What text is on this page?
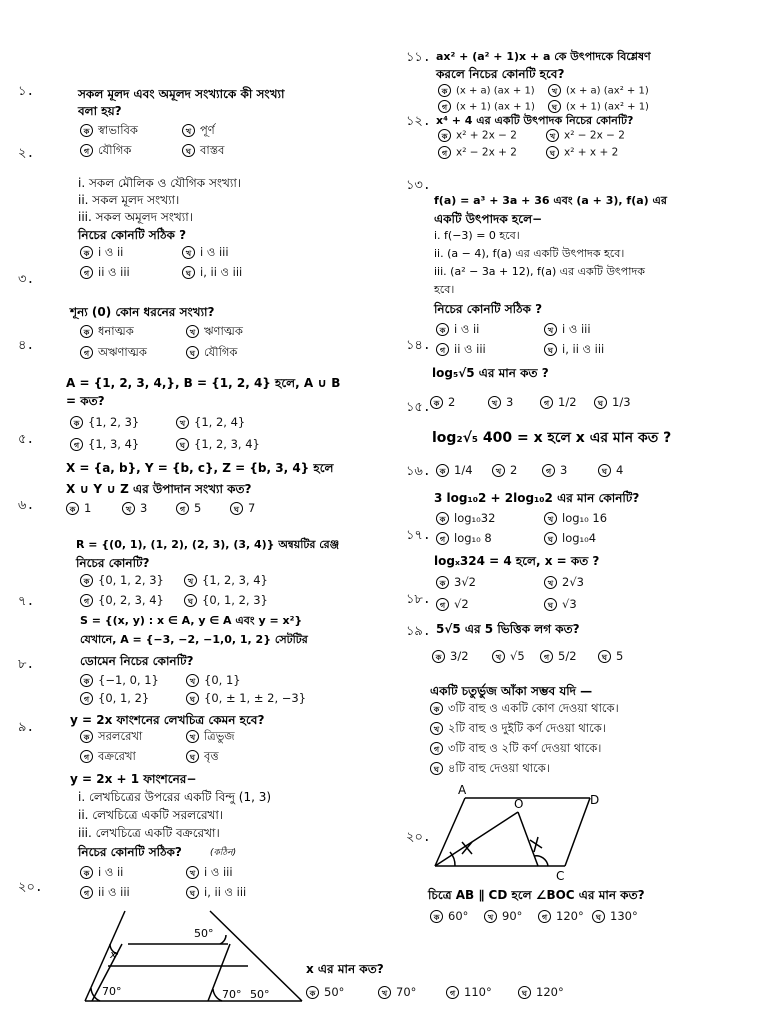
১.	সকল মূলদ এবং অমূলদ সংখ্যাকে কী সংখ্যা
বলা হয়?
ক স্বাভাবিক	খ পূর্ণ
২.	গ যৌগিক	ঘ বাস্তব
i. সকল মৌলিক ও যৌগিক সংখ্যা।
ii. সকল মূলদ সংখ্যা।
iii. সকল অমূলদ সংখ্যা।
নিচের কোনটি সঠিক ?
ক i ও ii	খ i ও iii
৩.	গ ii ও iii	ঘ i, ii ও iii
শূন্য (0) কোন ধরনের সংখ্যা?
ক ধনাত্মক	খ ঋণাত্মক
৪.
গ অঋণাত্মক	ঘ যৌগিক
A = {1, 2, 3, 4,}, B = {1, 2, 4} হলে, A ∪ B
= কত?
ক {1, 2, 3}	খ {1, 2, 4}
৫.	গ {1, 3, 4}	ঘ {1, 2, 3, 4}
X = {a, b}, Y = {b, c}, Z = {b, 3, 4} হলে
X ∪ Y ∪ Z এর উপাদান সংখ্যা কত?
৬.	ক 1	খ 3	গ 5	ঘ 7
R = {(0, 1), (1, 2), (2, 3), (3, 4)} অন্বয়টির রেঞ্জ
নিচের কোনটি?
ক {0, 1, 2, 3}	খ {1, 2, 3, 4}
৭.	গ {0, 2, 3, 4}	ঘ {0, 1, 2, 3}
S = {(x, y) : x ∈ A, y ∈ A এবং y = x²}
যেখানে, A = {−3, −2, −1,0, 1, 2} সেটটির
৮.	ডোমেন নিচের কোনটি?
ক {−1, 0, 1}	খ {0, 1}
গ {0, 1, 2}	ঘ {0, ± 1, ± 2, −3}
৯.	y = 2x ফাংশনের লেখচিত্র কেমন হবে?
ক সরলরেখা	খ ত্রিভুজ
গ বক্ররেখা	ঘ বৃত্ত
y = 2x + 1 ফাংশনের−
i. লেখচিত্রের উপরের একটি বিন্দু (1, 3)
ii. লেখচিত্রে একটি সরলরেখা।
iii. লেখচিত্রে একটি বক্ররেখা।
নিচের কোনটি সঠিক?	(কঠিন)
ক i ও ii	খ i ও iii
২০.	গ ii ও iii	ঘ i, ii ও iii
x
50°
70°	70° 50°
x এর মান কত?
ক 50°	খ 70°	গ 110°	ঘ 120°
১১. ax² + (a² + 1)x + a কে উৎপাদকে বিশ্লেষণ
করলে নিচের কোনটি হবে?
ক (x + a) (ax + 1)	খ (x + a) (ax² + 1)
গ (x + 1) (ax + 1)	ঘ (x + 1) (ax² + 1)
১২. x⁴ + 4 এর একটি উৎপাদক নিচের কোনটি?
ক x² + 2x − 2	খ x² − 2x − 2
গ x² − 2x + 2	ঘ x² + x + 2
১৩.
f(a) = a³ + 3a + 36 এবং (a + 3), f(a) এর
একটি উৎপাদক হলে−
i. f(−3) = 0 হবে।
ii. (a − 4), f(a) এর একটি উৎপাদক হবে।
iii. (a² − 3a + 12), f(a) এর একটি উৎপাদক
হবে।
নিচের কোনটি সঠিক ?
ক i ও ii	খ i ও iii
১৪.	গ ii ও iii	ঘ i, ii ও iii
log₅√5 এর মান কত ?
১৫. ক 2	খ 3	গ 1/2	ঘ 1/3
log₂√₅ 400 = x হলে x এর মান কত ?
১৬.	ক 1/4	খ 2	গ 3	ঘ 4
3 log₁₀2 + 2log₁₀2 এর মান কোনটি?
ক log₁₀32	খ log₁₀ 16
১৭.	গ log₁₀ 8	ঘ log₁₀4
logₓ324 = 4 হলে, x = কত ?
ক 3√2	খ 2√3
১৮.	গ √2	ঘ √3
১৯. 5√5 এর 5 ভিত্তিক লগ কত?
ক 3/2	খ √5	গ 5/2	ঘ 5
একটি চতুর্ভুজ আঁকা সম্ভব যদি —
ক ৩টি বাহু ও একটি কোণ দেওয়া থাকে।
খ ২টি বাহু ও দুইটি কর্ণ দেওয়া থাকে।
গ ৩টি বাহু ও ২টি কর্ণ দেওয়া থাকে।
ঘ ৪টি বাহু দেওয়া থাকে।
A
D
O
C
২০.
চিত্রে AB ∥ CD হলে ∠BOC এর মান কত?
ক 60°	খ 90°	গ 120°	ঘ 130°
